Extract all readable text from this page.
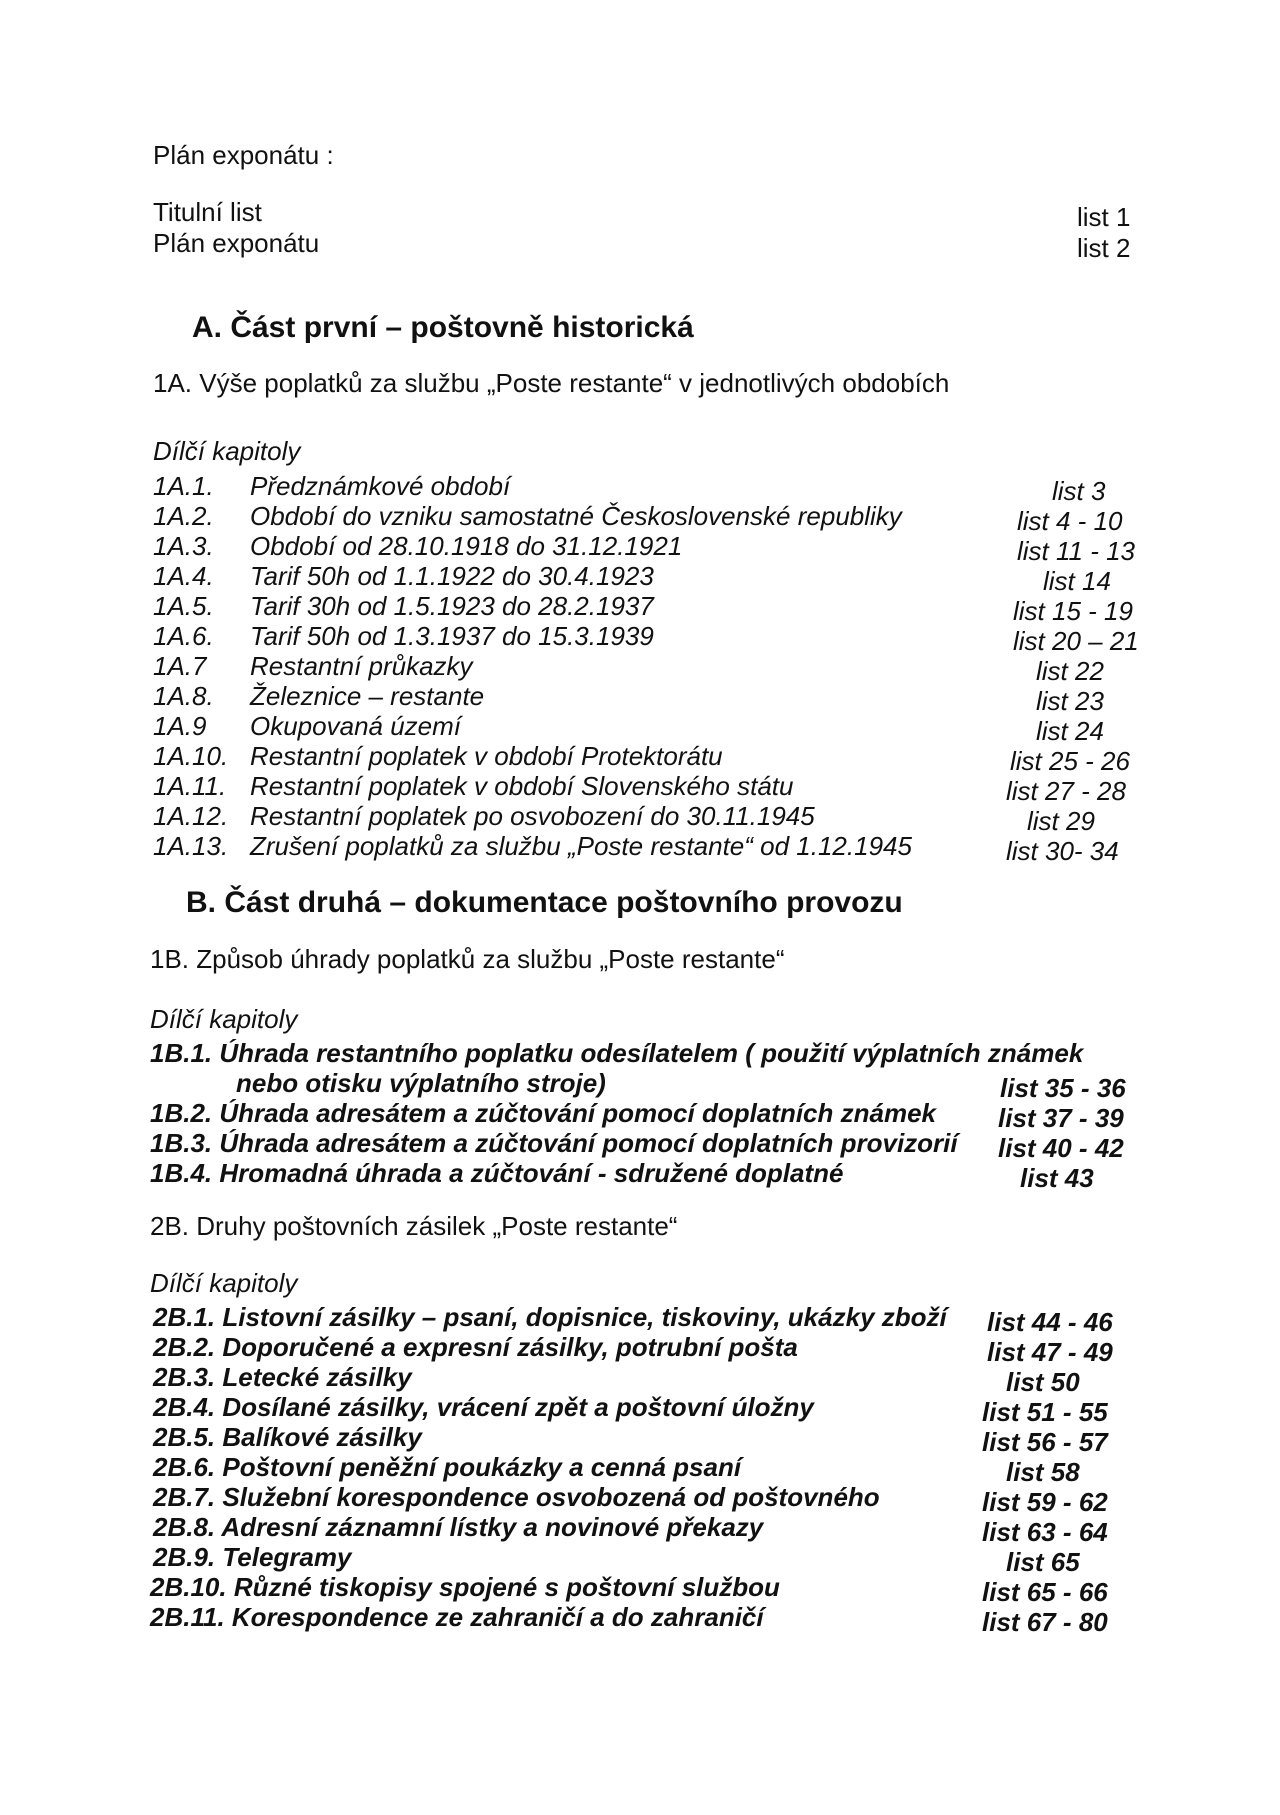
Plán exponátu :
Titulní list	list 1
Plán exponátu	list 2
A. Část první – poštovně historická
1A. Výše poplatků za službu „Poste restante“ v jednotlivých obdobích
Dílčí kapitoly
1A.1. Předznámkové období	list 3
1A.2. Období do vzniku samostatné Československé republiky	list 4 - 10
1A.3. Období od 28.10.1918 do 31.12.1921	list 11 - 13
1A.4. Tarif 50h od 1.1.1922 do 30.4.1923	list 14
1A.5. Tarif 30h od 1.5.1923 do 28.2.1937	list 15 - 19
1A.6. Tarif 50h od 1.3.1937 do 15.3.1939	list 20 – 21
1A.7 Restantní průkazky	list 22
1A.8. Železnice – restante	list 23
1A.9 Okupovaná území	list 24
1A.10. Restantní poplatek v období Protektorátu	list 25 - 26
1A.11. Restantní poplatek v období Slovenského státu	list 27 - 28
1A.12. Restantní poplatek po osvobození do 30.11.1945	list 29
1A.13. Zrušení poplatků za službu „Poste restante“ od 1.12.1945	list 30- 34
B. Část druhá – dokumentace poštovního provozu
1B. Způsob úhrady poplatků za službu „Poste restante“
Dílčí kapitoly
1B.1. Úhrada restantního poplatku odesílatelem ( použití výplatních známek
nebo otisku výplatního stroje)	list 35 - 36
1B.2. Úhrada adresátem a zúčtování pomocí doplatních známek list 37 - 39
1B.3. Úhrada adresátem a zúčtování pomocí doplatních provizorií list 40 - 42
1B.4. Hromadná úhrada a zúčtování - sdružené doplatné	list 43
2B. Druhy poštovních zásilek „Poste restante“
Dílčí kapitoly
2B.1. Listovní zásilky – psaní, dopisnice, tiskoviny, ukázky zboží list 44 - 46
2B.2. Doporučené a expresní zásilky, potrubní pošta	list 47 - 49
2B.3. Letecké zásilky	list 50
2B.4. Dosílané zásilky, vrácení zpět a poštovní úložny	list 51 - 55
2B.5. Balíkové zásilky	list 56 - 57
2B.6. Poštovní peněžní poukázky a cenná psaní	list 58
2B.7. Služební korespondence osvobozená od poštovného	list 59 - 62
2B.8. Adresní záznamní lístky a novinové překazy	list 63 - 64
2B.9. Telegramy	list 65
2B.10. Různé tiskopisy spojené s poštovní službou	list 65 - 66
2B.11. Korespondence ze zahraničí a do zahraničí	list 67 - 80
